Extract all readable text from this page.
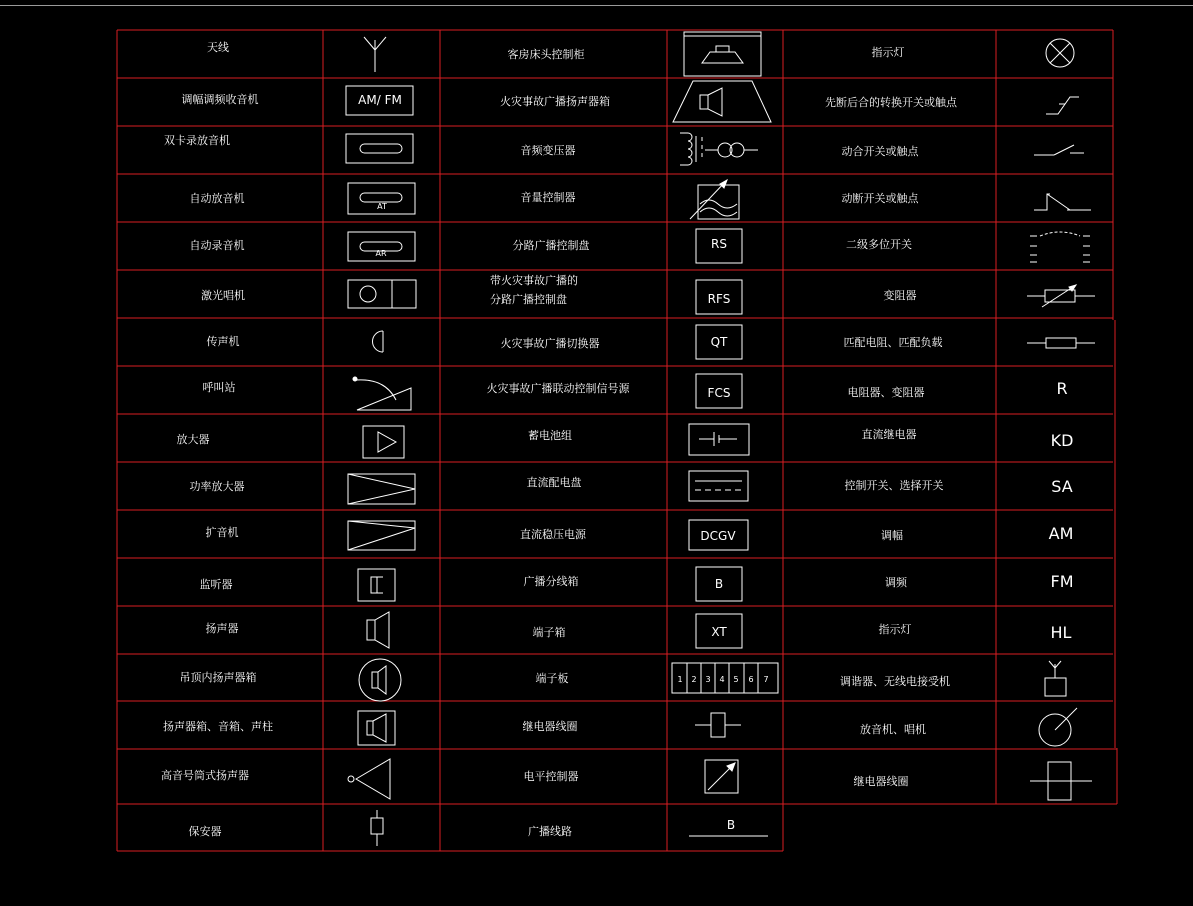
天线
调幅调频收音机
双卡录放音机
自动放音机
自动录音机
激光唱机
传声机
呼叫站
放大器
功率放大器
扩音机
监听器
扬声器
吊顶内扬声器箱
扬声器箱、音箱、声柱
高音号筒式扬声器
保安器
客房床头控制柜
火灾事故广播扬声器箱
音频变压器
音量控制器
分路广播控制盘
带火灾事故广播的分路广播控制盘
火灾事故广播切换器
火灾事故广播联动控制信号源
蓄电池组
直流配电盘
直流稳压电源
广播分线箱
端子箱
端子板
继电器线圈
电平控制器
广播线路
指示灯
先断后合的转换开关或触点
动合开关或触点
动断开关或触点
二级多位开关
变阻器
匹配电阻、匹配负载
电阻器、变阻器
直流继电器
控制开关、选择开关
调幅
调频
指示灯
调谐器、无线电接受机
放音机、唱机
继电器线圈
AM/ FM
AT
AR
RS
RFS
QT
FCS
DCGV
B
XT
1 2 3 4 5 6 7
B
R
KD
SA
AM
FM
HL
